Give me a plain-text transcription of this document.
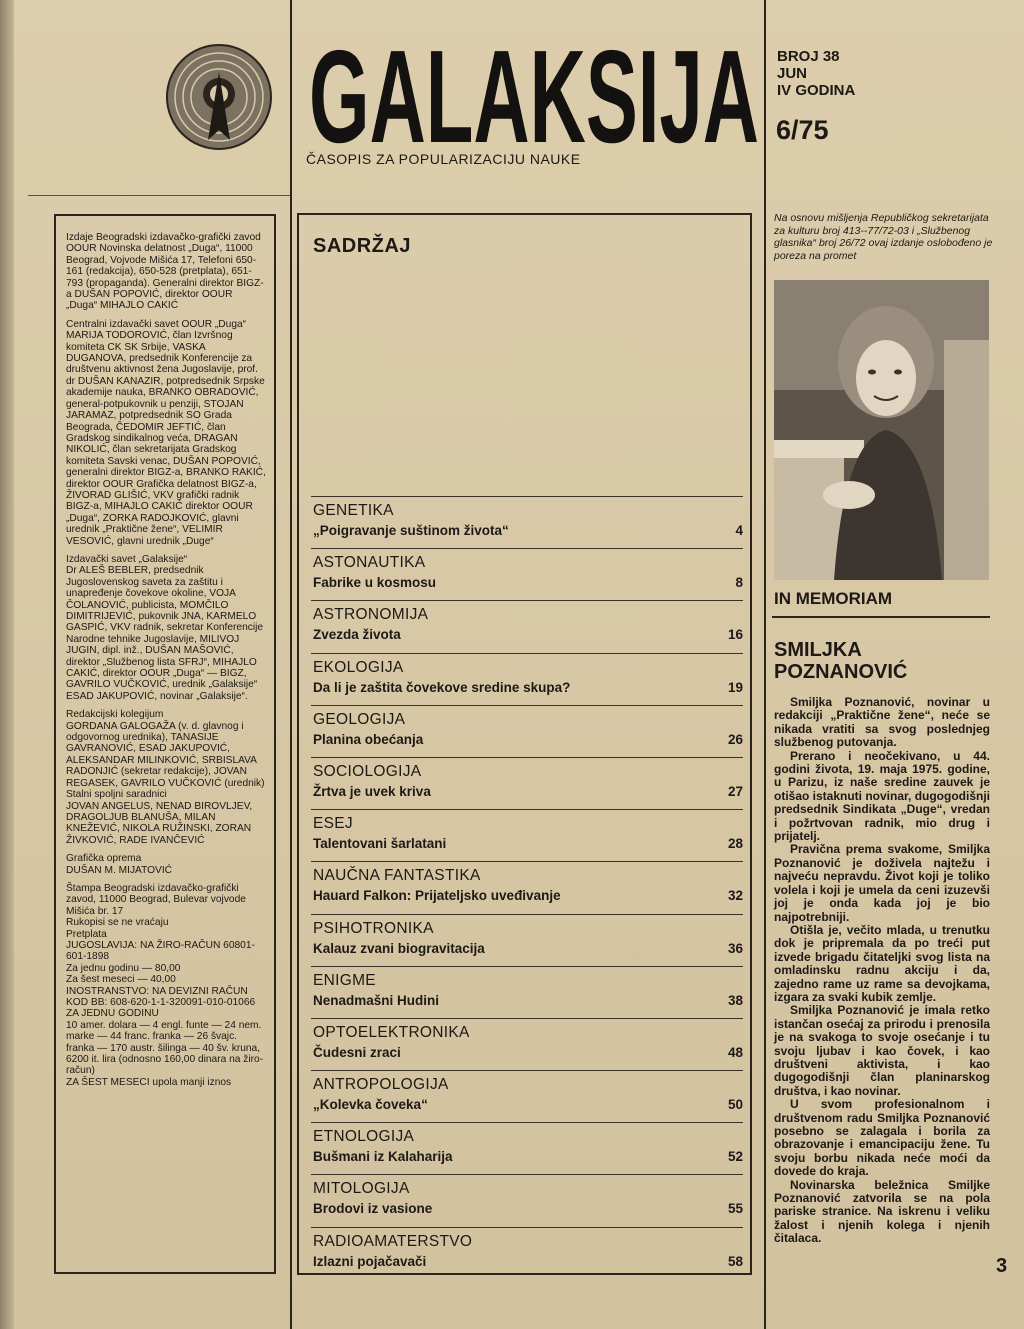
GALAKSIJA
ČASOPIS ZA POPULARIZACIJU NAUKE
BROJ 38
JUN
IV GODINA
6/75

Izdaje Beogradski izdavačko-grafički zavod OOUR Novinska delatnost „Duga“, 11000 Beograd, Vojvode Mišića 17, Telefoni 650-161 (redakcija), 650-528 (pretplata), 651-793 (propaganda). Generalni direktor BIGZ-a DUŠAN POPOVIĆ, direktor OOUR „Duga“ MIHAJLO CAKIĆ

Centralni izdavački savet OOUR „Duga“
MARIJA TODOROVIĆ, član Izvršnog komiteta CK SK Srbije, VASKA DUGANOVA, predsednik Konferencije za društvenu aktivnost žena Jugoslavije, prof. dr DUŠAN KANAZIR, potpredsednik Srpske akademije nauka, BRANKO OBRADOVIĆ, general-potpukovnik u penziji, STOJAN JARAMAZ, potpredsednik SO Grada Beograda, ČEDOMIR JEFTIĆ, član Gradskog sindikalnog veća, DRAGAN NIKOLIĆ, član sekretarijata Gradskog komiteta Savski venac, DUŠAN POPOVIĆ, generalni direktor BIGZ-a, BRANKO RAKIĆ, direktor OOUR Grafička delatnost BIGZ-a, ŽIVORAD GLIŠIĆ, VKV grafički radnik BIGZ-a, MIHAJLO CAKIĆ direktor OOUR „Duga“, ZORKA RADOJKOVIĆ, glavni urednik „Praktične žene“, VELIMIR VESOVIĆ, glavni urednik „Duge“

Izdavački savet „Galaksije“
Dr ALEŠ BEBLER, predsednik Jugoslovenskog saveta za zaštitu i unapređenje čovekove okoline, VOJA ČOLANOVIĆ, publicista, MOMČILO DIMITRIJEVIĆ, pukovnik JNA, KARMELO GASPIĆ, VKV radnik, sekretar Konferencije Narodne tehnike Jugoslavije, MILIVOJ JUGIN, dipl. inž., DUŠAN MAŠOVIĆ, direktor „Službenog lista SFRJ“, MIHAJLO CAKIĆ, direktor OOUR „Duga“ — BIGZ, GAVRILO VUČKOVIĆ, urednik „Galaksije“ ESAD JAKUPOVIĆ, novinar „Galaksije“.

Redakcijski kolegijum
GORDANA GALOGAŽA (v. d. glavnog i odgovornog urednika), TANASIJE GAVRANOVIĆ, ESAD JAKUPOVIĆ, ALEKSANDAR MILINKOVIĆ, SRBISLAVA RADONJIĆ (sekretar redakcije), JOVAN REGASEK, GAVRILO VUČKOVIĆ (urednik)
Stalni spoljni saradnici
JOVAN ANGELUS, NENAD BIROVLJEV, DRAGOLJUB BLANUŠA, MILAN KNEŽEVIĆ, NIKOLA RUŽINSKI, ZORAN ŽIVKOVIĆ, RADE IVANČEVIĆ

Grafička oprema
DUŠAN M. MIJATOVIĆ

Štampa Beogradski izdavačko-grafički zavod, 11000 Beograd, Bulevar vojvode Mišića br. 17
Rukopisi se ne vraćaju
Pretplata
JUGOSLAVIJA: NA ŽIRO-RAČUN 60801-601-1898
Za jednu godinu — 80,00
Za šest meseci — 40,00
INOSTRANSTVO: NA DEVIZNI RAČUN KOD BB: 608-620-1-1-320091-010-01066
ZA JEDNU GODINU
10 amer. dolara — 4 engl. funte — 24 nem. marke — 44 franc. franka — 26 švajc. franka — 170 austr. šilinga — 40 šv. kruna, 6200 it. lira (odnosno 160,00 dinara na žiro-račun)
ZA ŠEST MESECI upola manji iznos

SADRŽAJ
GENETIKA
„Poigravanje suštinom života“	4
ASTONAUTIKA
Fabrike u kosmosu	8
ASTRONOMIJA
Zvezda života	16
EKOLOGIJA
Da li je zaštita čovekove sredine skupa?	19
GEOLOGIJA
Planina obećanja	26
SOCIOLOGIJA
Žrtva je uvek kriva	27
ESEJ
Talentovani šarlatani	28
NAUČNA FANTASTIKA
Hauard Falkon: Prijateljsko uveđivanje	32
PSIHOTRONIKA
Kalauz zvani biogravitacija	36
ENIGME
Nenadmašni Hudini	38
OPTOELEKTRONIKA
Čudesni zraci	48
ANTROPOLOGIJA
„Kolevka čoveka“	50
ETNOLOGIJA
Bušmani iz Kalaharija	52
MITOLOGIJA
Brodovi iz vasione	55
RADIOAMATERSTVO
Izlazni pojačavači	58
Na osnovu mišljenja Republičkog sekretarijata za kulturu broj 413--77/72-03 i „Službenog glasnika“ broj 26/72 ovaj izdanje oslobođeno je poreza na promet
IN MEMORIAM
SMILJKA
POZNANOVIĆ

Smiljka Poznanović, novinar u redakciji „Praktične žene“, neće se nikada vratiti sa svog poslednjeg službenog putovanja.

Prerano i neočekivano, u 44. godini života, 19. maja 1975. godine, u Parizu, iz naše sredine zauvek je otišao istaknuti novinar, dugogodišnji predsednik Sindikata „Duge“, vredan i požrtvovan radnik, mio drug i prijatelj.

Pravična prema svakome, Smiljka Poznanović je doživela najtežu i najveću nepravdu. Život koji je toliko volela i koji je umela da ceni izuzevši joj je onda kada joj je bio najpotrebniji.

Otišla je, večito mlada, u trenutku dok je pripremala da po treći put izvede brigadu čitateljki svog lista na omladinsku radnu akciju i da, zajedno rame uz rame sa devojkama, izgara za svaki kubik zemlje.

Smiljka Poznanović je imala retko istančan osećaj za prirodu i prenosila je na svakoga to svoje osećanje i tu svoju ljubav i kao čovek, i kao društveni aktivista, i kao dugogodišnji član planinarskog društva, i kao novinar.

U svom profesionalnom i društvenom radu Smiljka Poznanović posebno se zalagala i borila za obrazovanje i emancipaciju žene. Tu svoju borbu nikada neće moći da dovede do kraja.

Novinarska beležnica Smiljke Poznanović zatvorila se na pola pariske stranice. Na iskrenu i veliku žalost i njenih kolega i njenih čitalaca.

3
